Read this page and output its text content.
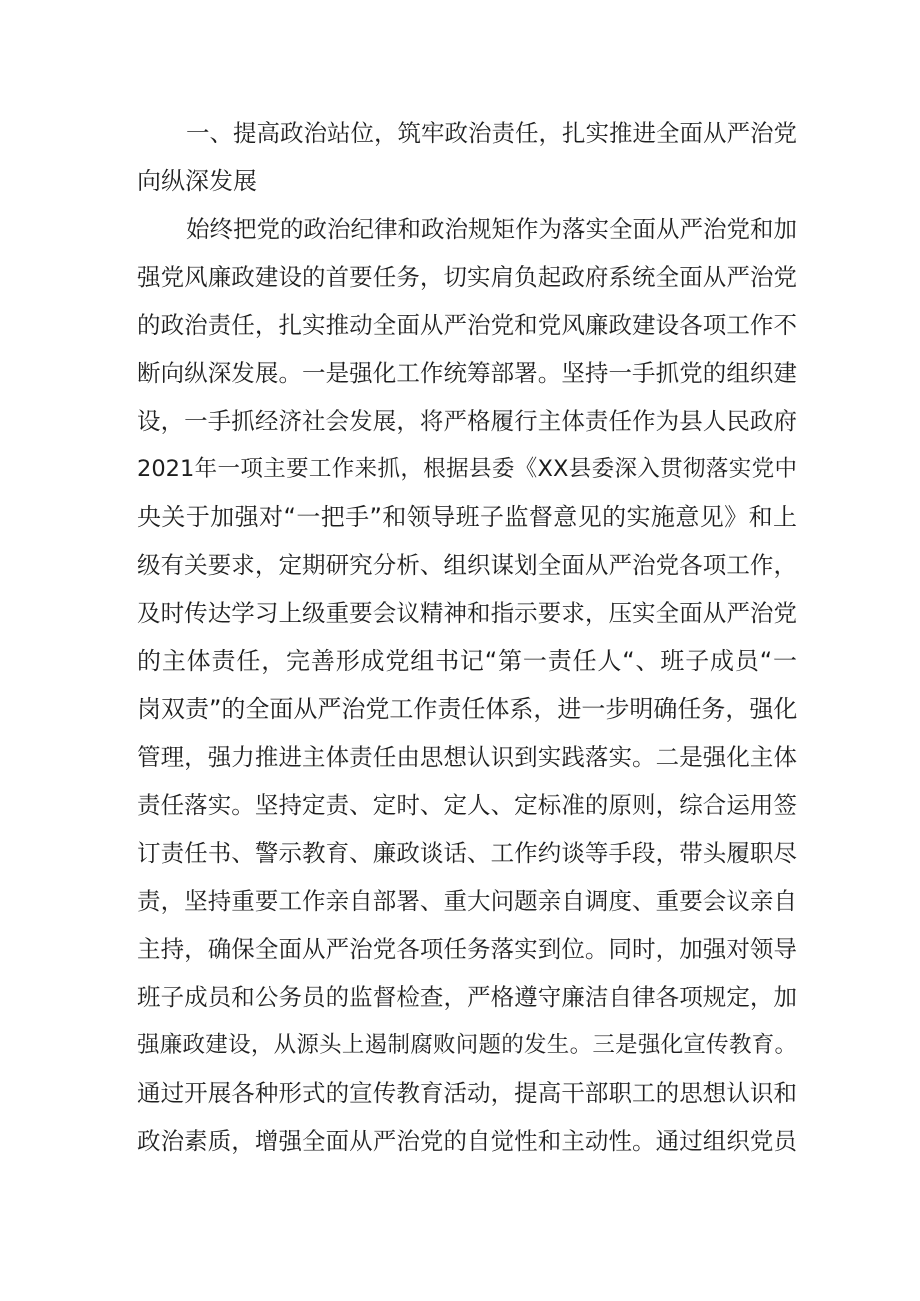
一、提高政治站位，筑牢政治责任，扎实推进全面从严治党
向纵深发展
始终把党的政治纪律和政治规矩作为落实全面从严治党和加
强党风廉政建设的首要任务，切实肩负起政府系统全面从严治党
的政治责任，扎实推动全面从严治党和党风廉政建设各项工作不
断向纵深发展。一是强化工作统筹部署。坚持一手抓党的组织建
设，一手抓经济社会发展，将严格履行主体责任作为县人民政府
2021年一项主要工作来抓，根据县委《XX县委深入贯彻落实党中
央关于加强对“一把手”和领导班子监督意见的实施意见》和上
级有关要求，定期研究分析、组织谋划全面从严治党各项工作，
及时传达学习上级重要会议精神和指示要求，压实全面从严治党
的主体责任，完善形成党组书记“第一责任人“、班子成员“一
岗双责”的全面从严治党工作责任体系，进一步明确任务，强化
管理，强力推进主体责任由思想认识到实践落实。二是强化主体
责任落实。坚持定责、定时、定人、定标准的原则，综合运用签
订责任书、警示教育、廉政谈话、工作约谈等手段，带头履职尽
责，坚持重要工作亲自部署、重大问题亲自调度、重要会议亲自
主持，确保全面从严治党各项任务落实到位。同时，加强对领导
班子成员和公务员的监督检查，严格遵守廉洁自律各项规定，加
强廉政建设，从源头上遏制腐败问题的发生。三是强化宣传教育。
通过开展各种形式的宣传教育活动，提高干部职工的思想认识和
政治素质，增强全面从严治党的自觉性和主动性。通过组织党员
